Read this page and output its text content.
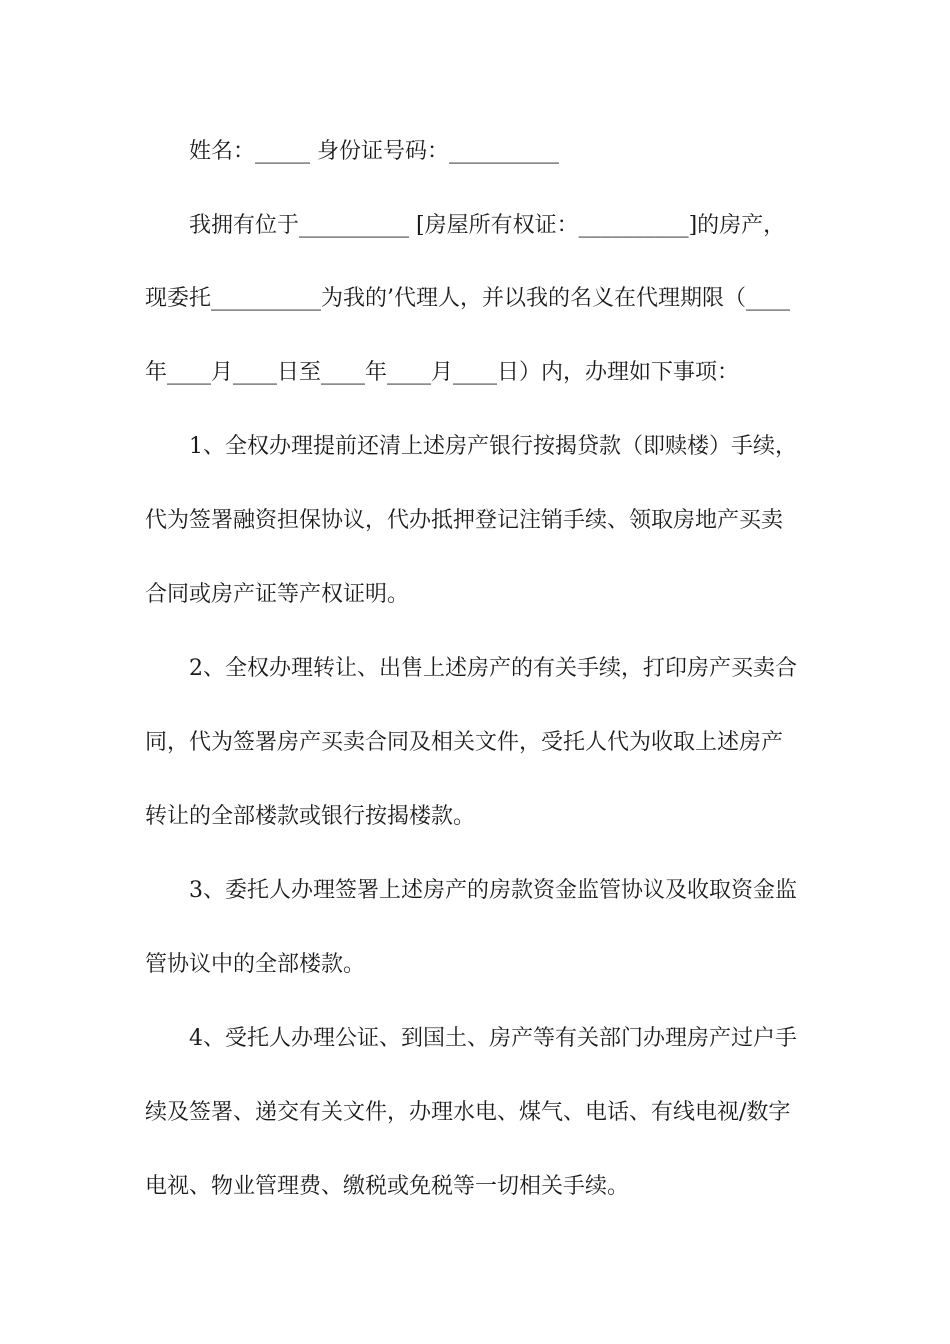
姓名：_____ 身份证号码：__________

我拥有位于__________ [房屋所有权证：__________]的房产，

现委托__________为我的’代理人，并以我的名义在代理期限（____

年____月____日至____年____月____日）内，办理如下事项：

1、全权办理提前还清上述房产银行按揭贷款（即赎楼）手续，

代为签署融资担保协议，代办抵押登记注销手续、领取房地产买卖

合同或房产证等产权证明。

2、全权办理转让、出售上述房产的有关手续，打印房产买卖合

同，代为签署房产买卖合同及相关文件，受托人代为收取上述房产

转让的全部楼款或银行按揭楼款。

3、委托人办理签署上述房产的房款资金监管协议及收取资金监

管协议中的全部楼款。

4、受托人办理公证、到国土、房产等有关部门办理房产过户手

续及签署、递交有关文件，办理水电、煤气、电话、有线电视/数字

电视、物业管理费、缴税或免税等一切相关手续。
